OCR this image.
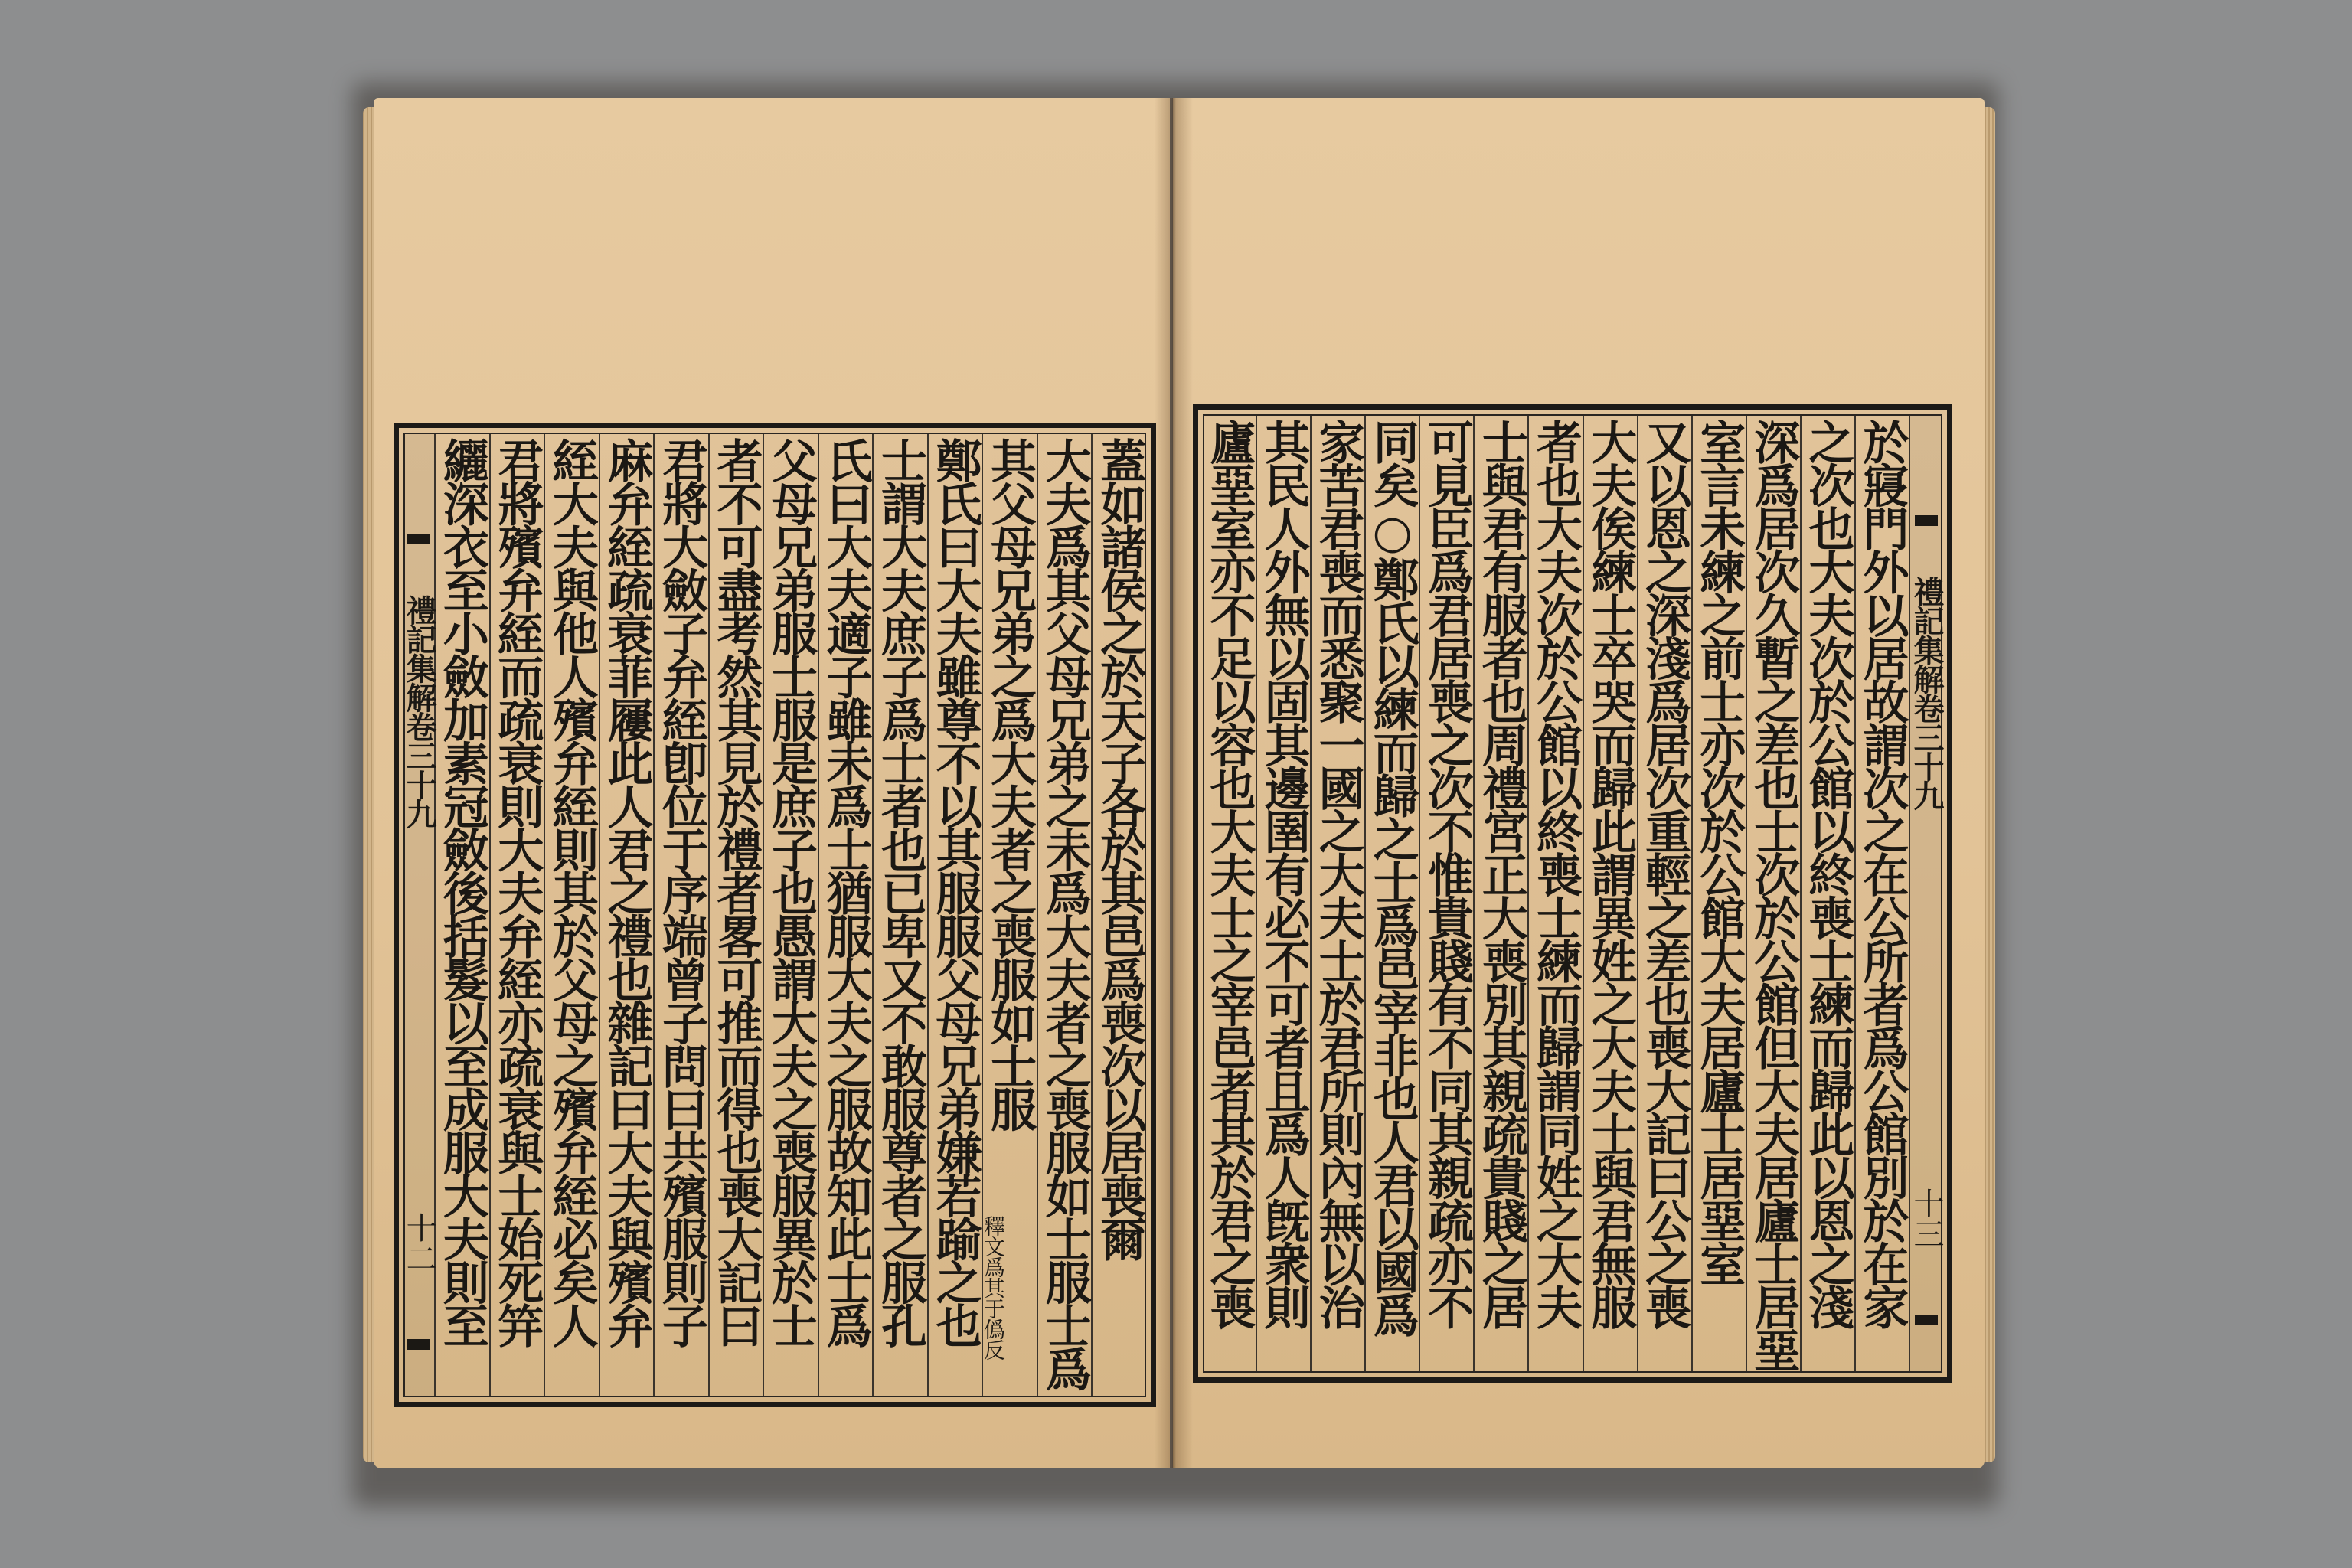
蓋如諸侯之於天子各於其邑爲喪次以居喪爾
大夫爲其父母兄弟之未爲大夫者之喪服如士服士爲
其父母兄弟之爲大夫者之喪服如士服
釋文爲其于僞反
鄭氏曰大夫雖尊不以其服服父母兄弟嫌若踰之也
士謂大夫庶子爲士者也已卑又不敢服尊者之服孔
氏曰大夫適子雖未爲士猶服大夫之服故知此士爲
父母兄弟服士服是庶子也愚謂大夫之喪服異於士
者不可盡考然其見於禮者畧可推而得也喪大記曰
君將大斂子弁絰卽位于序端曾子問曰共殯服則子
麻弁絰疏衰菲屨此人君之禮也雜記曰大夫與殯弁
絰大夫與他人殯弁絰則其於父母之殯弁絰必矣人
君將殯弁絰而疏衰則大夫弁絰亦疏衰與士始死笄
纚深衣至小斂加素冠斂後括髮以至成服大夫則至
禮記集解卷三十九
十二
禮記集解卷三十九
十三
於寢門外以居故謂次之在公所者爲公館別於在家
之次也大夫次於公館以終喪士練而歸此以恩之淺
深爲居次久暫之差也士次於公館但大夫居廬士居堊
室言未練之前士亦次於公館大夫居廬士居堊室
又以恩之深淺爲居次重輕之差也喪大記曰公之喪
大夫俟練士卒哭而歸此謂異姓之大夫士與君無服
者也大夫次於公館以終喪士練而歸謂同姓之大夫
士與君有服者也周禮宮正大喪別其親疏貴賤之居
可見臣爲君居喪之次不惟貴賤有不同其親疏亦不
同矣○鄭氏以練而歸之士爲邑宰非也人君以國爲
家苦君喪而悉聚一國之大夫士於君所則內無以治
其民人外無以固其邊圉有必不可者且爲人旣衆則
廬堊室亦不足以容也大夫士之宰邑者其於君之喪
